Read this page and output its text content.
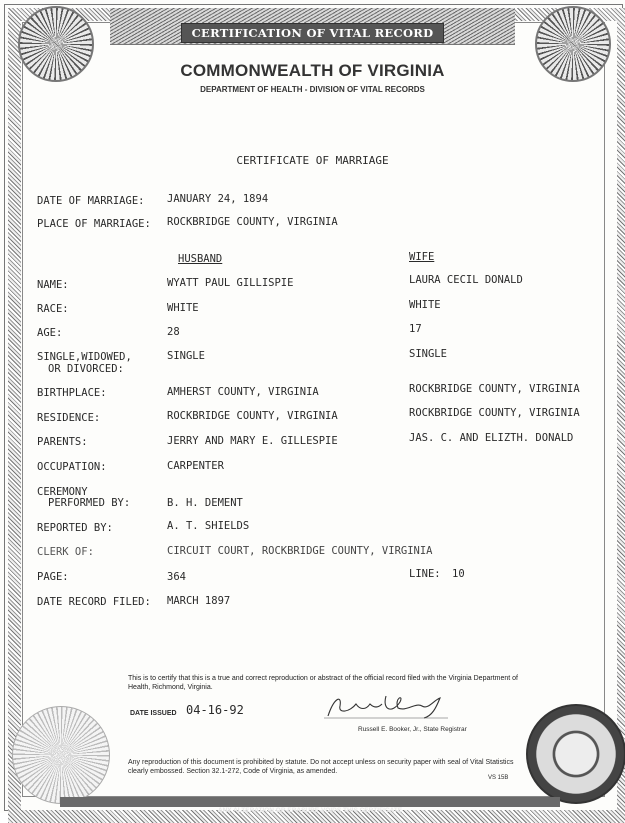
CERTIFICATION OF VITAL RECORD
COMMONWEALTH OF VIRGINIA
DEPARTMENT OF HEALTH - DIVISION OF VITAL RECORDS
CERTIFICATE OF MARRIAGE
DATE OF MARRIAGE: JANUARY 24, 1894
PLACE OF MARRIAGE: ROCKBRIDGE COUNTY, VIRGINIA
HUSBAND	WIFE
NAME:	WYATT PAUL GILLISPIE	LAURA CECIL DONALD
RACE:	WHITE	WHITE
AGE:	28	17
SINGLE,WIDOWED,
OR DIVORCED:
SINGLE	SINGLE
BIRTHPLACE:	AMHERST COUNTY, VIRGINIA	ROCKBRIDGE COUNTY, VIRGINIA
RESIDENCE:	ROCKBRIDGE COUNTY, VIRGINIA	ROCKBRIDGE COUNTY, VIRGINIA
PARENTS:	JERRY AND MARY E. GILLESPIE	JAS. C. AND ELIZTH. DONALD
OCCUPATION:	CARPENTER
CEREMONY
PERFORMED BY:	B. H. DEMENT
REPORTED BY:	A. T. SHIELDS
CLERK OF:	CIRCUIT COURT, ROCKBRIDGE COUNTY, VIRGINIA
PAGE:	364	LINE: 10
DATE RECORD FILED: MARCH 1897
This is to certify that this is a true and correct reproduction or abstract of the official record filed with the Virginia Department of Health, Richmond, Virginia.
DATE ISSUED 04-16-92
Russell E. Booker, Jr., State Registrar
Any reproduction of this document is prohibited by statute. Do not accept unless on security paper with seal of Vital Statistics clearly embossed. Section 32.1-272, Code of Virginia, as amended.
VS 15B
ANY ALTERATION OR ERASURE VOIDS THIS CERTIFICATE
